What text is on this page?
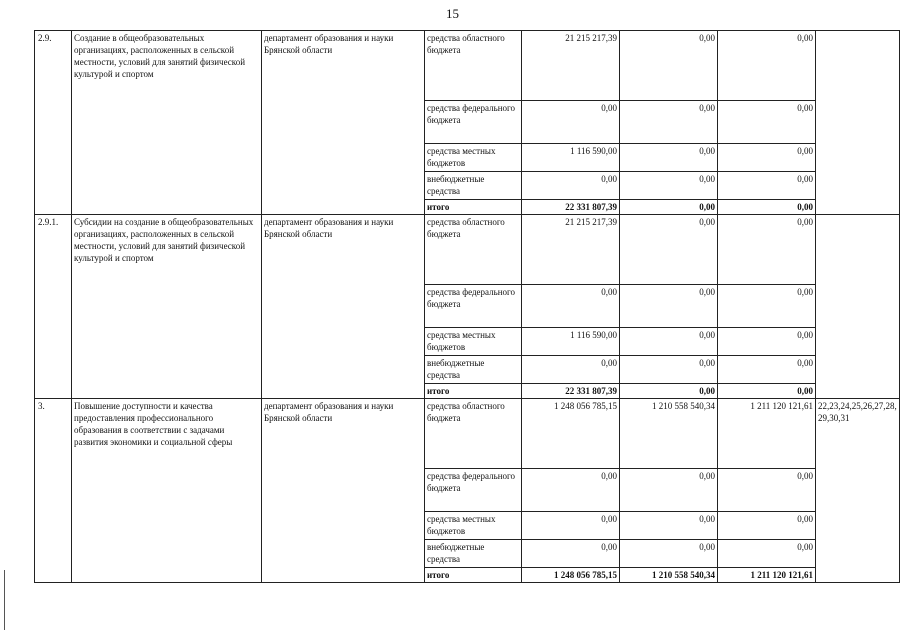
15
2.9.	Создание в общеобразовательных организациях, расположенных в сельской местности, условий для занятий физической культурой и спортом	департамент образования и науки Брянской области	средства областного бюджета	21 215 217,39	0,00	0,00	
			средства федерального бюджета	0,00	0,00	0,00	
			средства местных бюджетов	1 116 590,00	0,00	0,00	
			внебюджетные средства	0,00	0,00	0,00	
			итого	22 331 807,39	0,00	0,00	
2.9.1.	Субсидии на создание в общеобразовательных организациях, расположенных в сельской местности, условий для занятий физической культурой и спортом	департамент образования и науки Брянской области	средства областного бюджета	21 215 217,39	0,00	0,00	
			средства федерального бюджета	0,00	0,00	0,00	
			средства местных бюджетов	1 116 590,00	0,00	0,00	
			внебюджетные средства	0,00	0,00	0,00	
			итого	22 331 807,39	0,00	0,00	
3.	Повышение доступности и качества предоставления профессионального образования в соответствии с задачами развития экономики и социальной сферы	департамент образования и науки Брянской области	средства областного бюджета	1 248 056 785,15	1 210 558 540,34	1 211 120 121,61	22,23,24,25,26,27,28, 29,30,31
			средства федерального бюджета	0,00	0,00	0,00	
			средства местных бюджетов	0,00	0,00	0,00	
			внебюджетные средства	0,00	0,00	0,00	
			итого	1 248 056 785,15	1 210 558 540,34	1 211 120 121,61	
